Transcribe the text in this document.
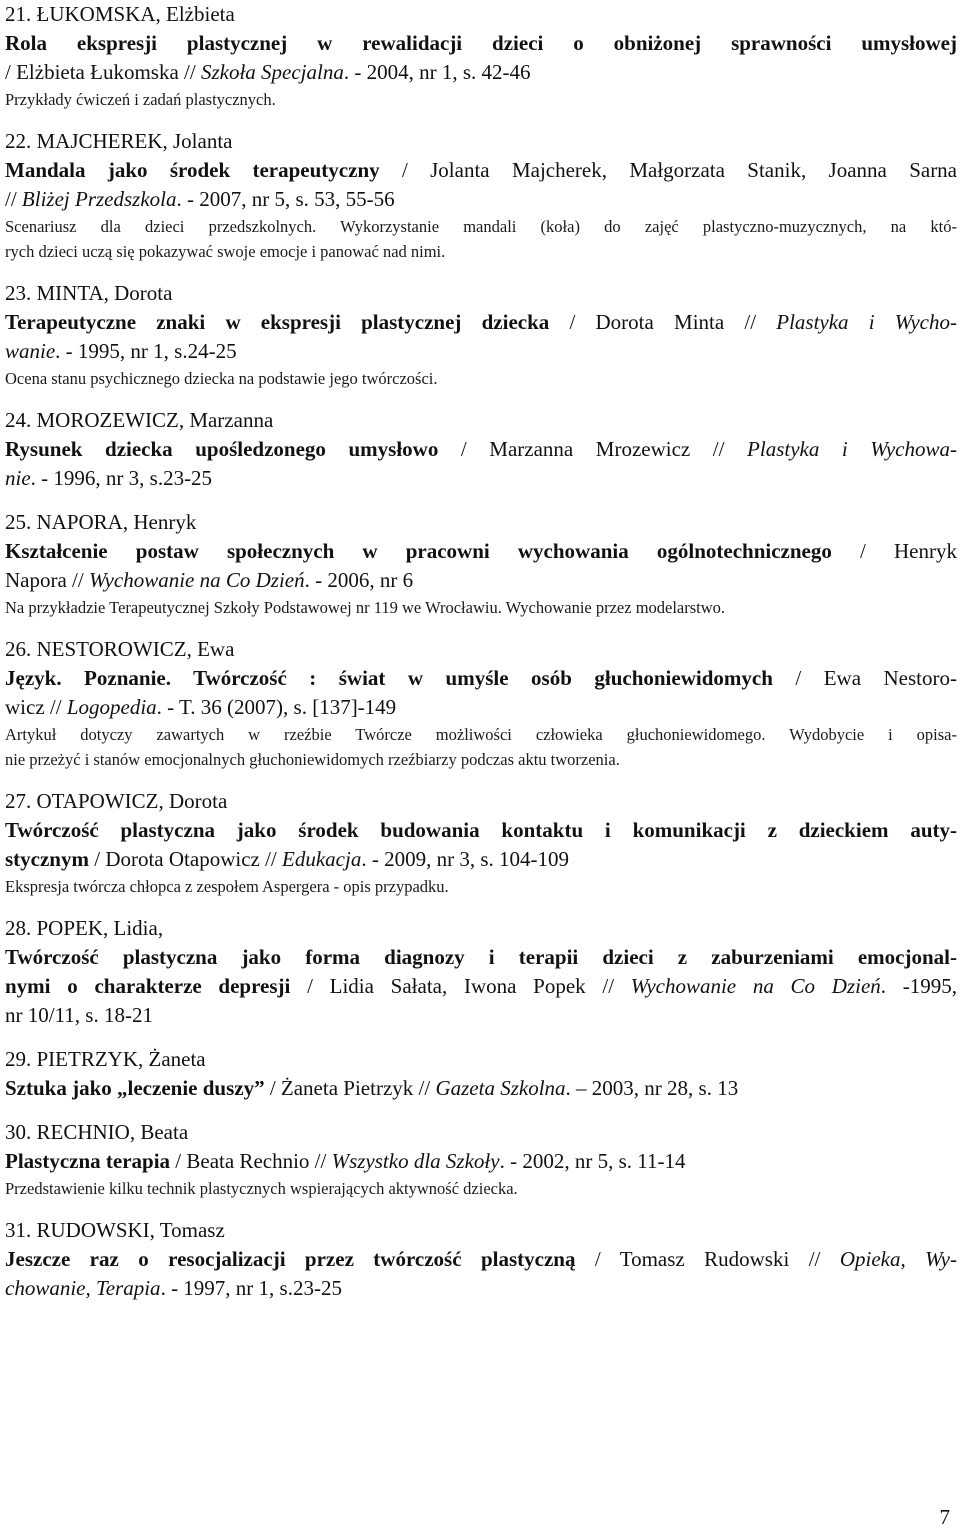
21. ŁUKOMSKA, Elżbieta
Rola ekspresji plastycznej w rewalidacji dzieci o obniżonej sprawności umysłowej
/ Elżbieta Łukomska // Szkoła Specjalna. - 2004, nr 1, s. 42-46
Przykłady ćwiczeń i zadań plastycznych.
22. MAJCHEREK, Jolanta
Mandala jako środek terapeutyczny / Jolanta Majcherek, Małgorzata Stanik, Joanna Sarna
// Bliżej Przedszkola. - 2007, nr 5, s. 53, 55-56
Scenariusz dla dzieci przedszkolnych. Wykorzystanie mandali (koła) do zajęć plastyczno-muzycznych, na któ-
rych dzieci uczą się pokazywać swoje emocje i panować nad nimi.
23. MINTA, Dorota
Terapeutyczne znaki w ekspresji plastycznej dziecka / Dorota Minta // Plastyka i Wycho-
wanie. - 1995, nr 1, s.24-25
Ocena stanu psychicznego dziecka na podstawie jego twórczości.
24. MOROZEWICZ, Marzanna
Rysunek dziecka upośledzonego umysłowo / Marzanna Mrozewicz // Plastyka i Wychowa-
nie. - 1996, nr 3, s.23-25
25. NAPORA, Henryk
Kształcenie postaw społecznych w pracowni wychowania ogólnotechnicznego / Henryk
Napora // Wychowanie na Co Dzień. - 2006, nr 6
Na przykładzie Terapeutycznej Szkoły Podstawowej nr 119 we Wrocławiu. Wychowanie przez modelarstwo.
26. NESTOROWICZ, Ewa
Język. Poznanie. Twórczość : świat w umyśle osób głuchoniewidomych / Ewa Nestoro-
wicz // Logopedia. - T. 36 (2007), s. [137]-149
Artykuł dotyczy zawartych w rzeźbie Twórcze możliwości człowieka głuchoniewidomego. Wydobycie i opisa-
nie przeżyć i stanów emocjonalnych głuchoniewidomych rzeźbiarzy podczas aktu tworzenia.
27. OTAPOWICZ, Dorota
Twórczość plastyczna jako środek budowania kontaktu i komunikacji z dzieckiem auty-
stycznym / Dorota Otapowicz // Edukacja. - 2009, nr 3, s. 104-109
Ekspresja twórcza chłopca z zespołem Aspergera - opis przypadku.
28. POPEK, Lidia,
Twórczość plastyczna jako forma diagnozy i terapii dzieci z zaburzeniami emocjonal-
nymi o charakterze depresji / Lidia Sałata, Iwona Popek // Wychowanie na Co Dzień. -1995,
nr 10/11, s. 18-21
29. PIETRZYK, Żaneta
Sztuka jako „leczenie duszy” / Żaneta Pietrzyk // Gazeta Szkolna. – 2003, nr 28, s. 13
30. RECHNIO, Beata
Plastyczna terapia / Beata Rechnio // Wszystko dla Szkoły. - 2002, nr 5, s. 11-14
Przedstawienie kilku technik plastycznych wspierających aktywność dziecka.
31. RUDOWSKI, Tomasz
Jeszcze raz o resocjalizacji przez twórczość plastyczną / Tomasz Rudowski // Opieka, Wy-
chowanie, Terapia. - 1997, nr 1, s.23-25
7
